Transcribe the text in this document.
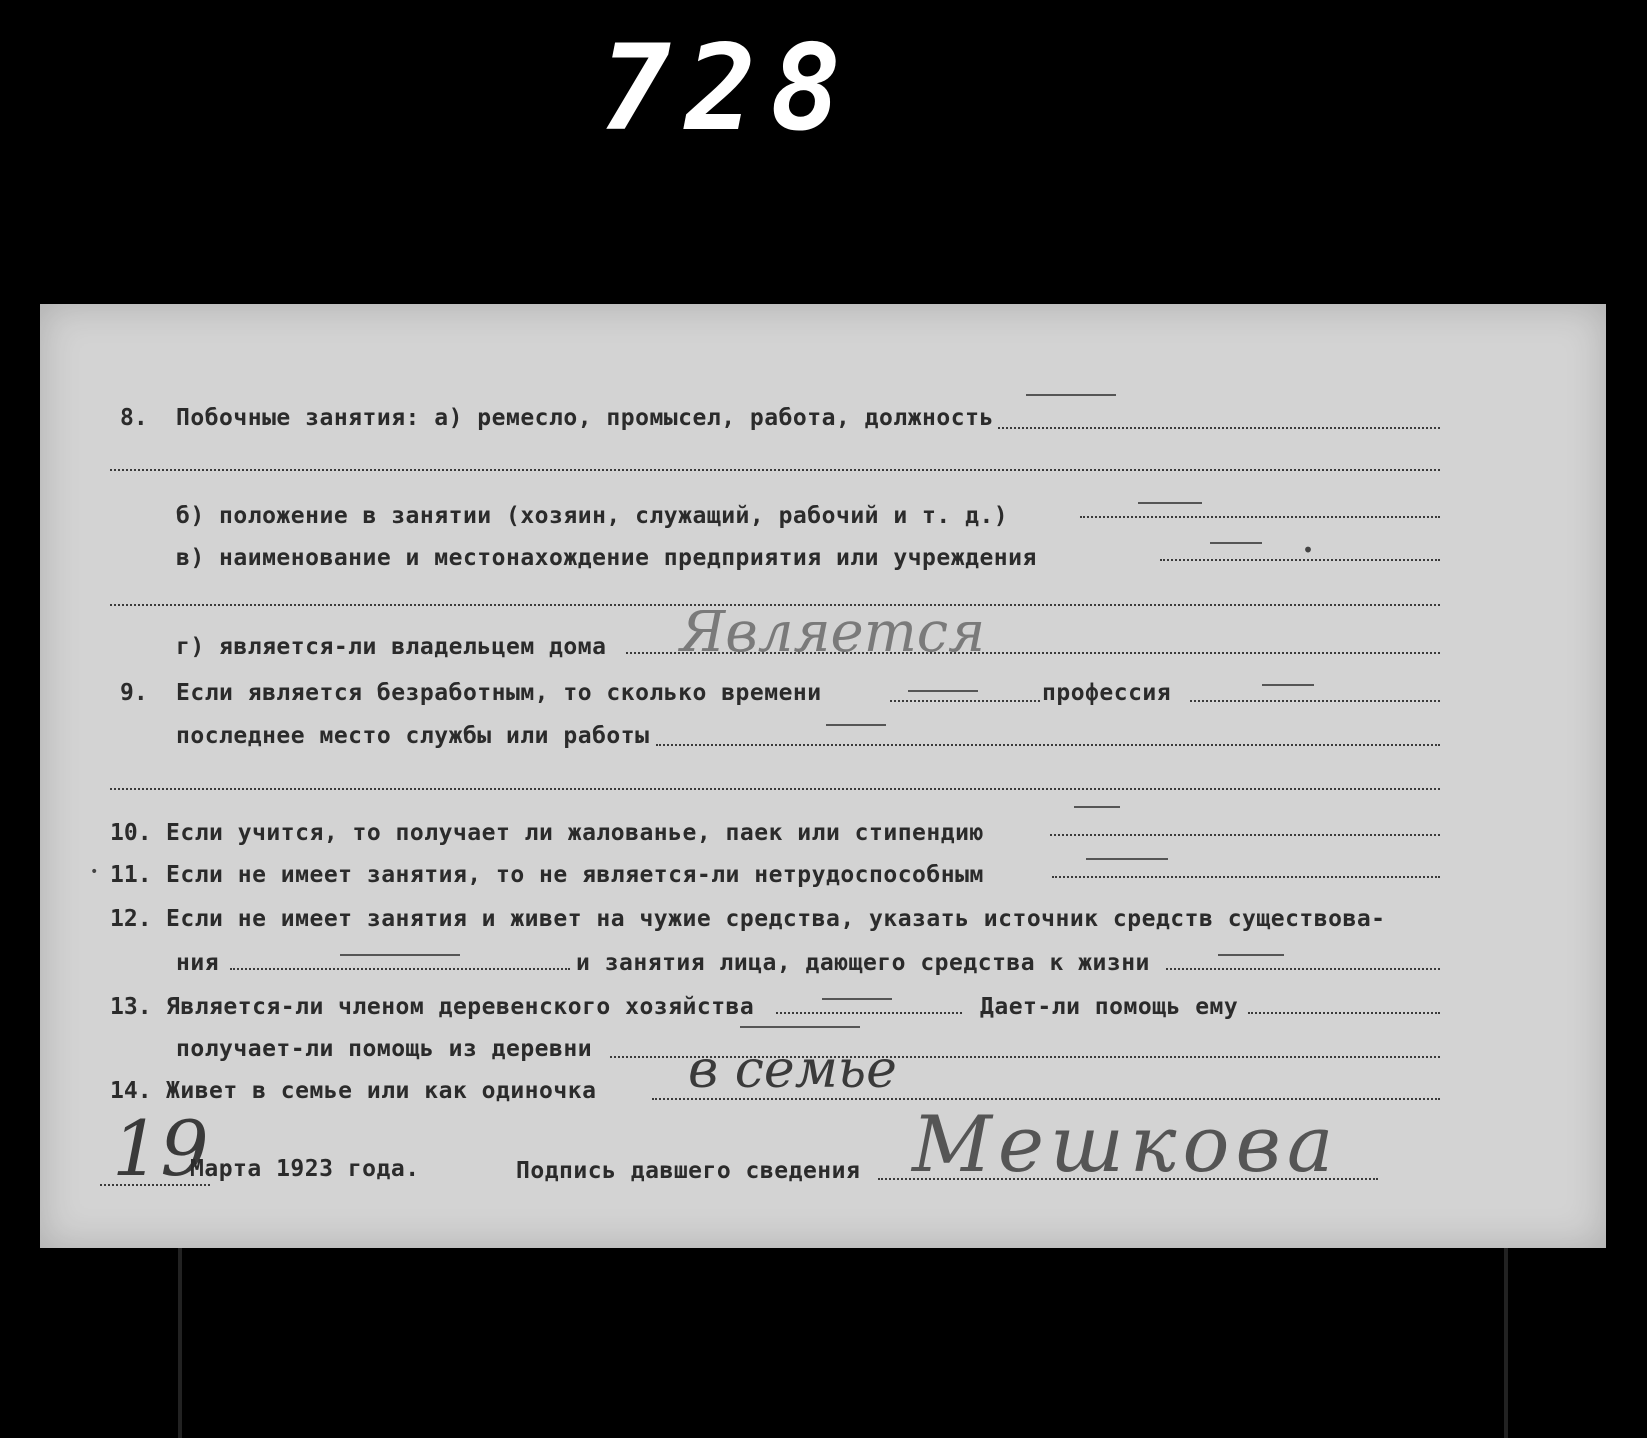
728
8.	Побочные занятия: а) ремесло, промысел, работа, должность
б) положение в занятии (хозяин, служащий, рабочий и т. д.)
в) наименование и местонахождение предприятия или учреждения
г) является-ли владельцем дома Является
9.	Если является безработным, то сколько времени	профессия
последнее место службы или работы
10. Если учится, то получает ли жалованье, паек или стипендию
11. Если не имеет занятия, то не является-ли нетрудоспособным
12. Если не имеет занятия и живет на чужие средства, указать источник средств существова-
ния	и занятия лица, дающего средства к жизни
13. Является-ли членом деревенского хозяйства	Дает-ли помощь ему
получает-ли помощь из деревни
14. Живет в семье или как одиночка в семье
19
Марта 1923 года.	Подпись давшего сведения Мешкова
•
•
